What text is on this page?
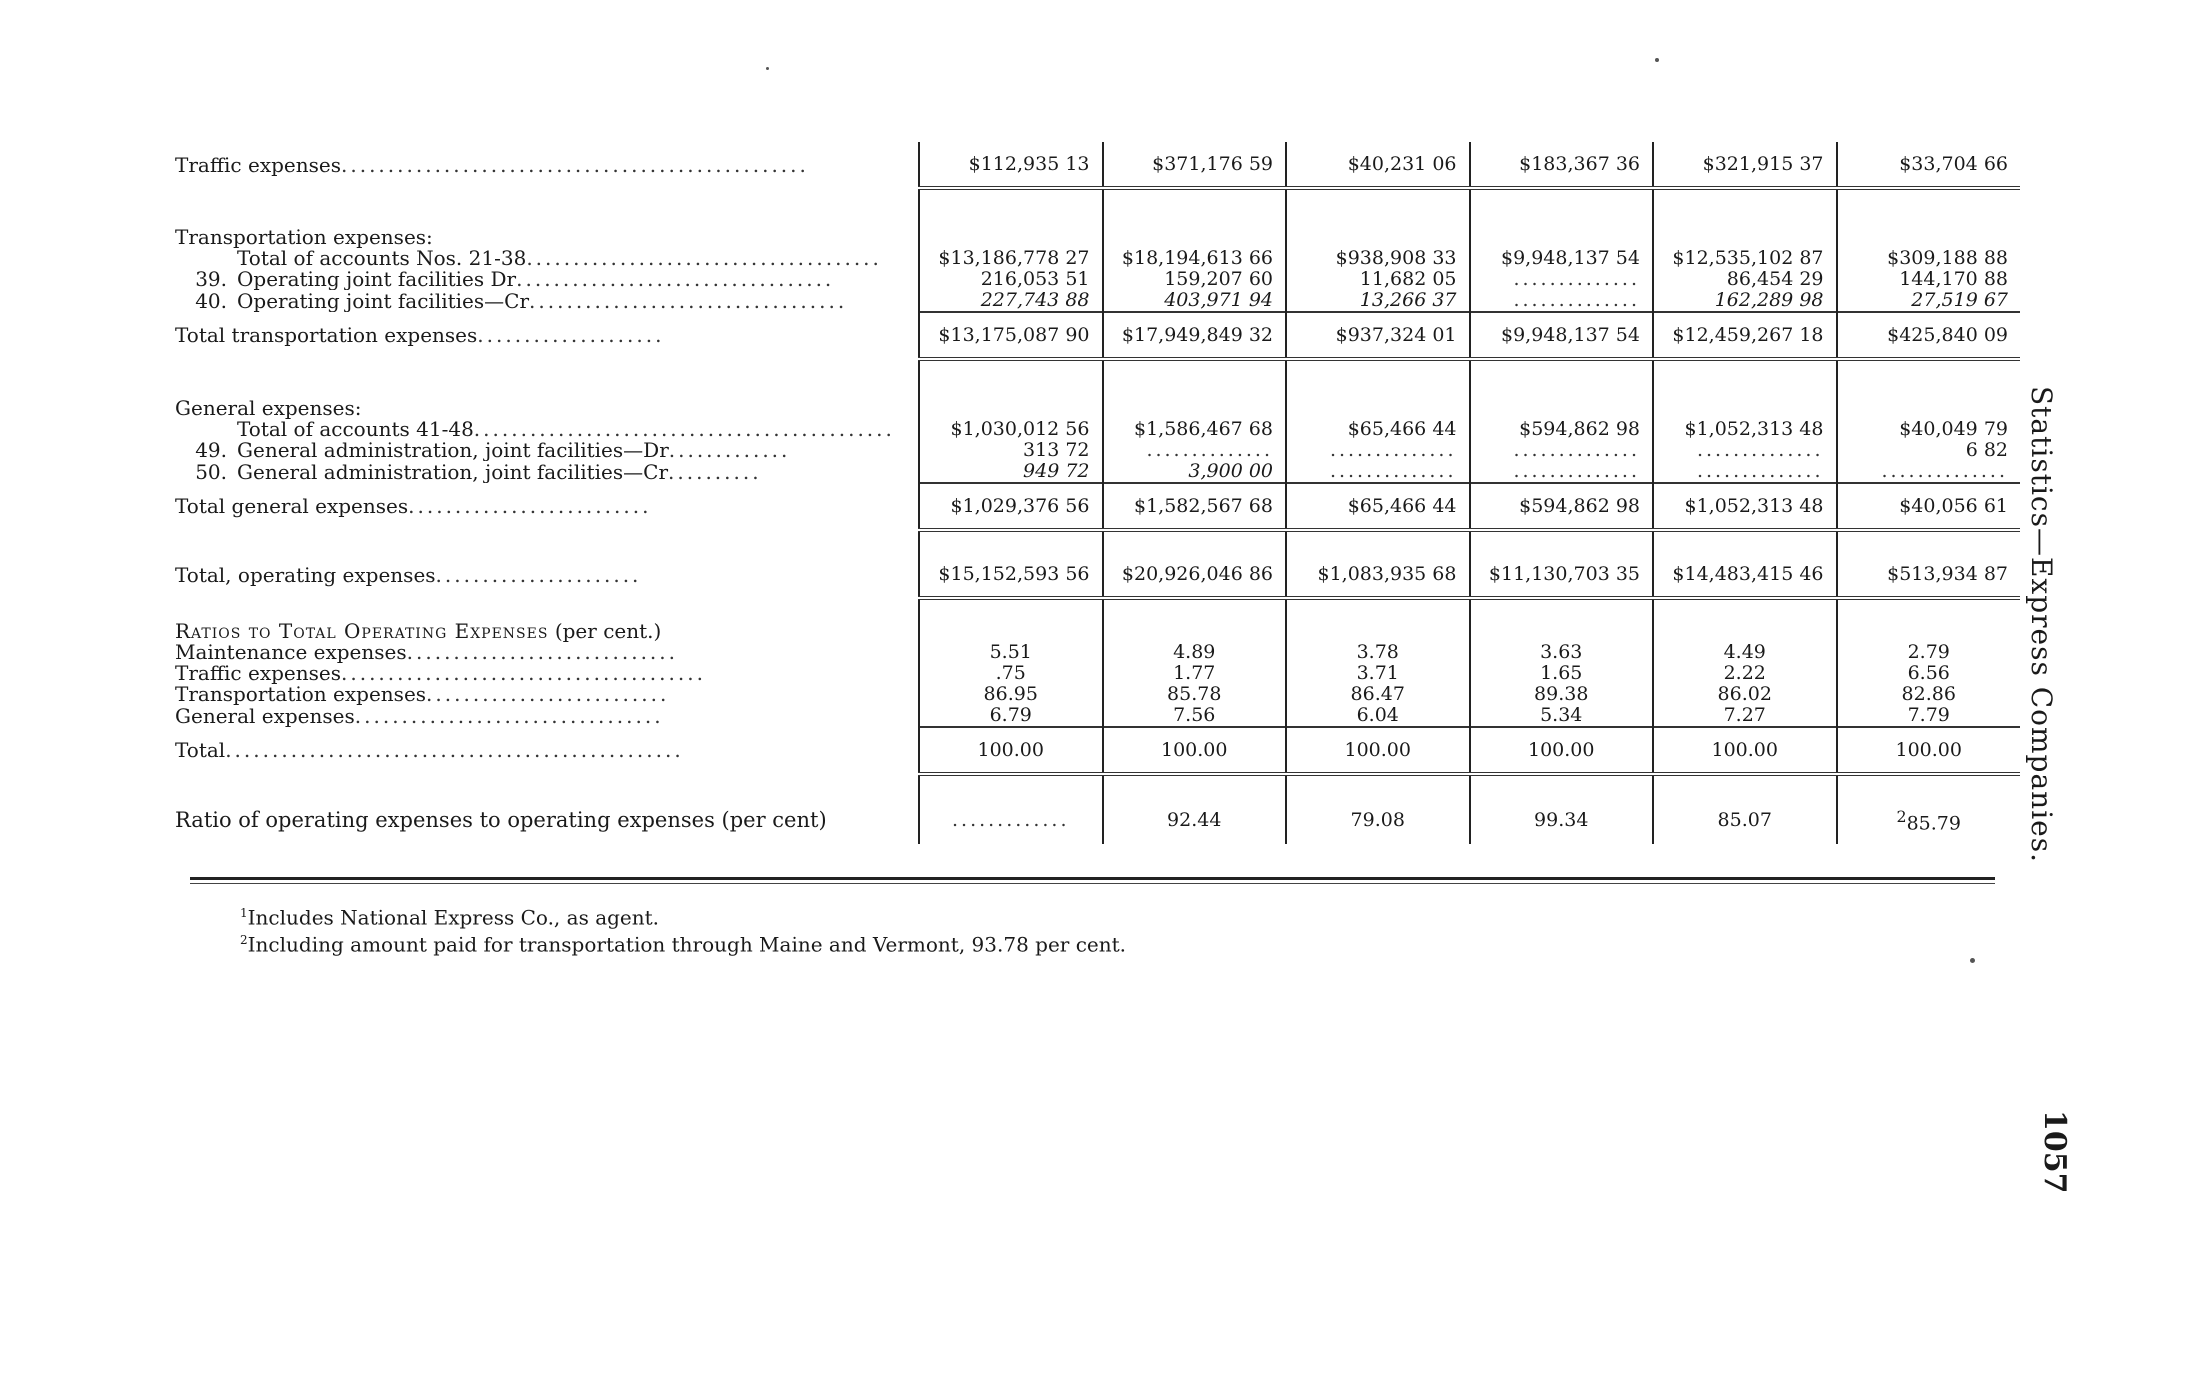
Traffic expenses..................................................	$112,935 13	$371,176 59	$40,231 06	$183,367 36	$321,915 37	$33,704 66

Transportation expenses:						
Total of accounts Nos. 21-38......................................	$13,186,778 27	$18,194,613 66	$938,908 33	$9,948,137 54	$12,535,102 87	$309,188 88
39. Operating joint facilities Dr..................................	216,053 51	159,207 60	11,682 05	..............	86,454 29	144,170 88
40. Operating joint facilities—Cr..................................	227,743 88	403,971 94	13,266 37	..............	162,289 98	27,519 67
Total transportation expenses....................	$13,175,087 90	$17,949,849 32	$937,324 01	$9,948,137 54	$12,459,267 18	$425,840 09

General expenses:						
Total of accounts 41-48.............................................	$1,030,012 56	$1,586,467 68	$65,466 44	$594,862 98	$1,052,313 48	$40,049 79
49. General administration, joint facilities—Dr.............	313 72	..............	..............	..............	..............	6 82
50. General administration, joint facilities—Cr..........	949 72	3,900 00	..............	..............	..............	..............
Total general expenses..........................	$1,029,376 56	$1,582,567 68	$65,466 44	$594,862 98	$1,052,313 48	$40,056 61

Total, operating expenses......................	$15,152,593 56	$20,926,046 86	$1,083,935 68	$11,130,703 35	$14,483,415 46	$513,934 87

Ratios to Total Operating Expenses (per cent.)						
Maintenance expenses.............................	5.51	4.89	3.78	3.63	4.49	2.79
Traffic expenses.......................................	.75	1.77	3.71	1.65	2.22	6.56
Transportation expenses..........................	86.95	85.78	86.47	89.38	86.02	82.86
General expenses.................................	6.79	7.56	6.04	5.34	7.27	7.79
Total.................................................	100.00	100.00	100.00	100.00	100.00	100.00

Ratio of operating expenses to operating expenses (per cent)	.............	92.44	79.08	99.34	85.07	$^2$85.79
$^1$Includes National Express Co., as agent.
$^2$Including amount paid for transportation through Maine and Vermont, 93.78 per cent.
Statistics—Express Companies.
1057
